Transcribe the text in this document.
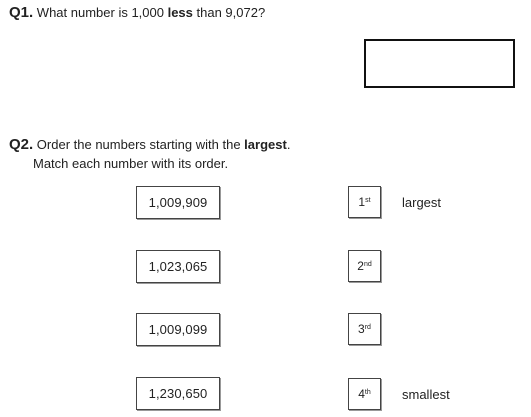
Q1. What number is 1,000 less than 9,072?
Q2. Order the numbers starting with the largest.
Match each number with its order.
1,009,909
1,023,065
1,009,099
1,230,650
1st
2nd
3rd
4th
largest
smallest
